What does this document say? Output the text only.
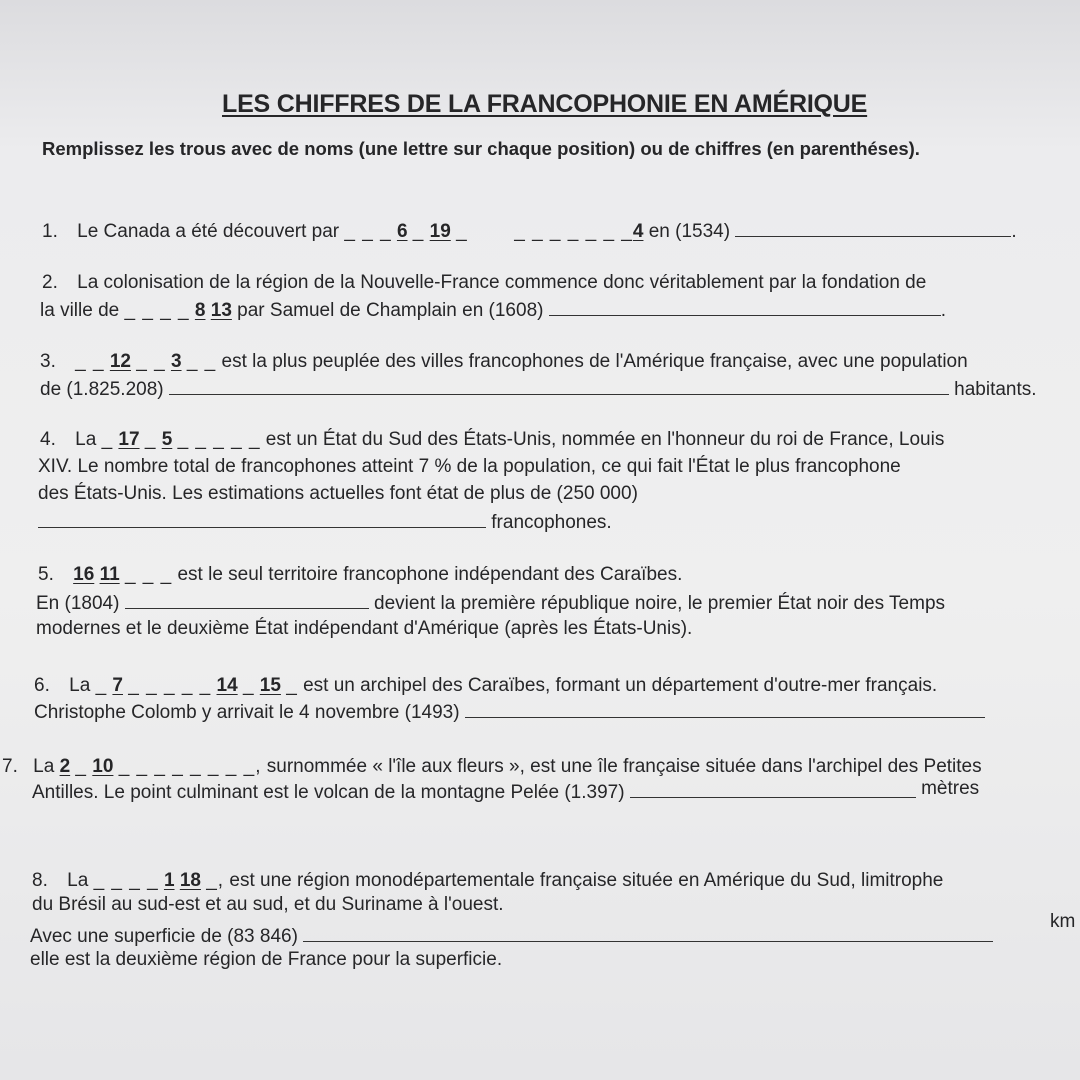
LES CHIFFRES DE LA FRANCOPHONIE EN AMÉRIQUE
Remplissez les trous avec de noms (une lettre sur chaque position) ou de chiffres (en parenthéses).
1. Le Canada a été découvert par _ _ _ 6 _ 19 _ _ _ _ _ _ _ _4 en (1534)	.
2. La colonisation de la région de la Nouvelle-France commence donc véritablement par la fondation de
la ville de _ _ _ _ 8 13 par Samuel de Champlain en (1608)	.
3. _ _ 12 _ _ 3 _ _ est la plus peuplée des villes francophones de l'Amérique française, avec une population
de (1.825.208)	habitants.
4. La _ 17 _ 5 _ _ _ _ _ est un État du Sud des États-Unis, nommée en l'honneur du roi de France, Louis
XIV. Le nombre total de francophones atteint 7 % de la population, ce qui fait l'État le plus francophone
des États-Unis. Les estimations actuelles font état de plus de (250 000)
francophones.
5. 16 11 _ _ _ est le seul territoire francophone indépendant des Caraïbes.
En (1804)	devient la première république noire, le premier État noir des Temps
modernes et le deuxième État indépendant d'Amérique (après les États-Unis).
6. La _ 7 _ _ _ _ _ 14 _ 15 _ est un archipel des Caraïbes, formant un département d'outre-mer français.
Christophe Colomb y arrivait le 4 novembre (1493)
7. La 2 _ 10 _ _ _ _ _ _ _ _, surnommée « l'île aux fleurs », est une île française située dans l'archipel des Petites
Antilles. Le point culminant est le volcan de la montagne Pelée (1.397)	mètres
8. La _ _ _ _ 1 18 _, est une région monodépartementale française située en Amérique du Sud, limitrophe
du Brésil au sud-est et au sud, et du Suriname à l'ouest.
km
Avec une superficie de (83 846)
elle est la deuxième région de France pour la superficie.
